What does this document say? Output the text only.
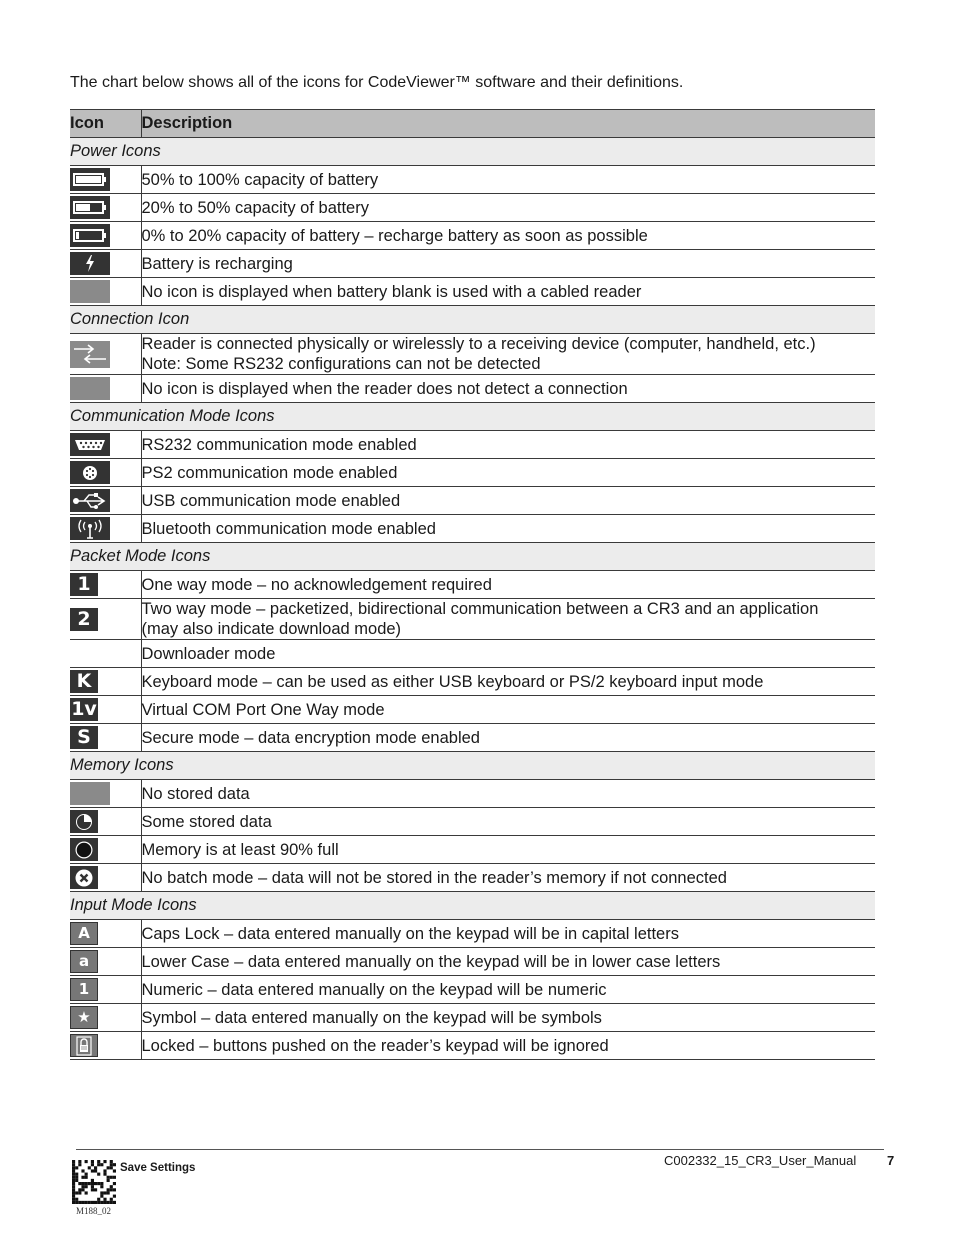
The chart below shows all of the icons for CodeViewer™ software and their definitions.
Icon	Description
Power Icons	

	50% to 100% capacity of battery

	20% to 50% capacity of battery

	0% to 20% capacity of battery – recharge battery as soon as possible

	Battery is recharging

	No icon is displayed when battery blank is used with a cabled reader
Connection Icon	

	Reader is connected physically or wirelessly to a receiving device (computer, handheld, etc.)
Note: Some RS232 configurations can not be detected

	No icon is displayed when the reader does not detect a connection
Communication Mode Icons	

	RS232 communication mode enabled

	PS2 communication mode enabled

	USB communication mode enabled

	Bluetooth communication mode enabled
Packet Mode Icons	

1	One way mode – no acknowledgement required

2	Two way mode – packetized, bidirectional communication between a CR3 and an application
(may also indicate download mode)
	Downloader mode

K	Keyboard mode – can be used as either USB keyboard or PS/2 keyboard input mode

1v	Virtual COM Port One Way mode

S	Secure mode – data encryption mode enabled
Memory Icons	

	No stored data

	Some stored data

	Memory is at least 90% full

	No batch mode – data will not be stored in the reader’s memory if not connected
Input Mode Icons	

A	Caps Lock – data entered manually on the keypad will be in capital letters

a	Lower Case – data entered manually on the keypad will be in lower case letters

1	Numeric – data entered manually on the keypad will be numeric

★	Symbol – data entered manually on the keypad will be symbols

	Locked – buttons pushed on the reader’s keypad will be ignored
C002332_15_CR3_User_Manual 7
Save Settings
M188_02
